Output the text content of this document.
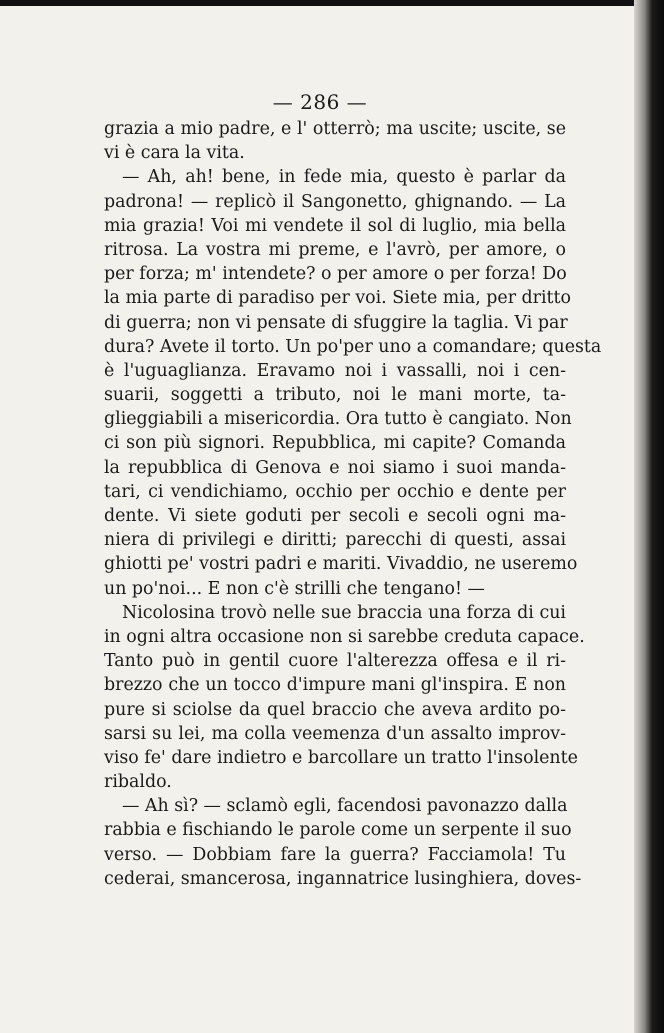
— 286 —
grazia a mio padre, e l' otterrò; ma uscite; uscite, se
vi è cara la vita.
— Ah, ah! bene, in fede mia, questo è parlar da
padrona! — replicò il Sangonetto, ghignando. — La
mia grazia! Voi mi vendete il sol di luglio, mia bella
ritrosa. La vostra mi preme, e l'avrò, per amore, o
per forza; m' intendete? o per amore o per forza! Do
la mia parte di paradiso per voi. Siete mia, per dritto
di guerra; non vi pensate di sfuggire la taglia. Vi par
dura? Avete il torto. Un po'per uno a comandare; questa
è l'uguaglianza. Eravamo noi i vassalli, noi i cen-
suarii, soggetti a tributo, noi le mani morte, ta-
glieggiabili a misericordia. Ora tutto è cangiato. Non
ci son più signori. Repubblica, mi capite? Comanda
la repubblica di Genova e noi siamo i suoi manda-
tari, ci vendichiamo, occhio per occhio e dente per
dente. Vi siete goduti per secoli e secoli ogni ma-
niera di privilegi e diritti; parecchi di questi, assai
ghiotti pe' vostri padri e mariti. Vivaddio, ne useremo
un po'noi... E non c'è strilli che tengano! —
Nicolosina trovò nelle sue braccia una forza di cui
in ogni altra occasione non si sarebbe creduta capace.
Tanto può in gentil cuore l'alterezza offesa e il ri-
brezzo che un tocco d'impure mani gl'inspira. E non
pure si sciolse da quel braccio che aveva ardito po-
sarsi su lei, ma colla veemenza d'un assalto improv-
viso fe' dare indietro e barcollare un tratto l'insolente
ribaldo.
— Ah sì? — sclamò egli, facendosi pavonazzo dalla
rabbia e fischiando le parole come un serpente il suo
verso. — Dobbiam fare la guerra? Facciamola! Tu
cederai, smancerosa, ingannatrice lusinghiera, doves-
